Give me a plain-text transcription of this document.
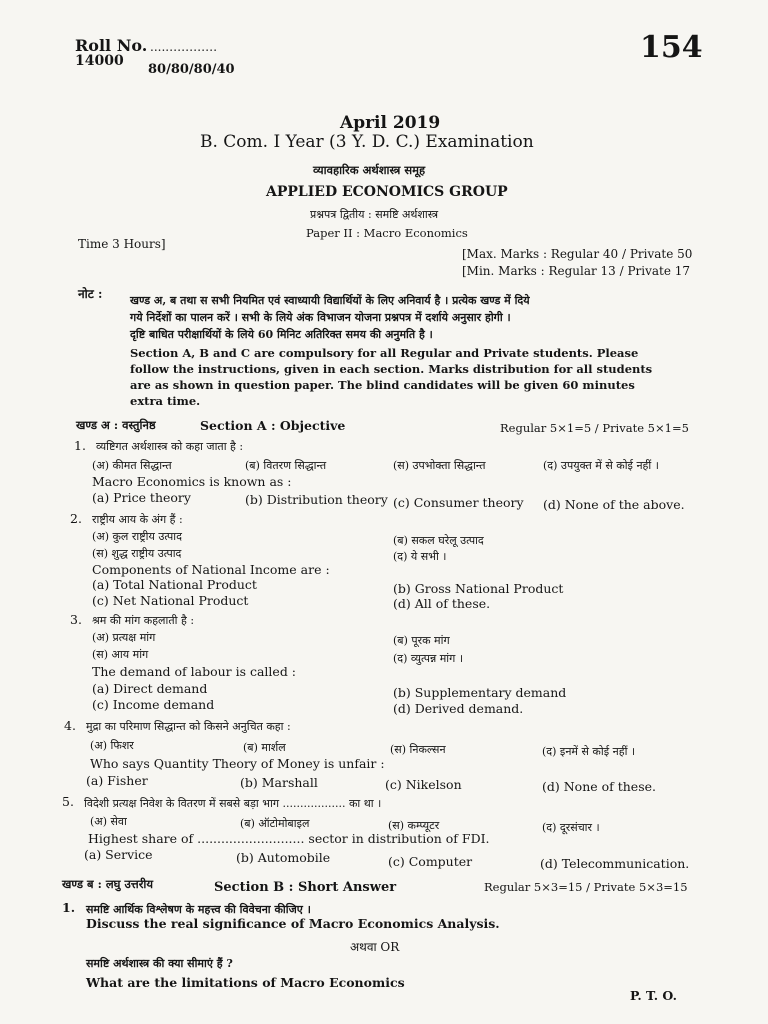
Roll No. .....…………
14000
80/80/80/40
154
April 2019
B. Com. I Year (3 Y. D. C.) Examination
व्यावहारिक अर्थशास्त्र समूह
APPLIED ECONOMICS GROUP
प्रश्नपत्र द्वितीय : समष्टि अर्थशास्त्र
Paper II : Macro Economics
Time 3 Hours]
[Max. Marks : Regular 40 / Private 50
[Min. Marks : Regular 13 / Private 17
नोट :	खण्ड अ, ब तथा स सभी नियमित एवं स्वाध्यायी विद्यार्थियों के लिए अनिवार्य है । प्रत्येक खण्ड में दिये
गये निर्देशों का पालन करें । सभी के लिये अंक विभाजन योजना प्रश्नपत्र में दर्शाये अनुसार होगी ।
दृष्टि बाधित परीक्षार्थियों के लिये 60 मिनिट अतिरिक्त समय की अनुमति है ।
Section A, B and C are compulsory for all Regular and Private students. Please
follow the instructions, given in each section. Marks distribution for all students
are as shown in question paper. The blind candidates will be given 60 minutes
extra time.
खण्ड अ : वस्तुनिष्ठ	Section A : Objective	Regular 5×1=5 / Private 5×1=5
1. व्यष्टिगत अर्थशास्त्र को कहा जाता है :
(अ) कीमत सिद्धान्त	(ब) वितरण सिद्धान्त	(स) उपभोक्ता सिद्धान्त	(द) उपयुक्त में से कोई नहीं ।
Macro Economics is known as :
(a) Price theory	(b) Distribution theory (c) Consumer theory (d) None of the above.
2. राष्ट्रीय आय के अंग हैं :
(अ) कुल राष्ट्रीय उत्पाद	(ब) सकल घरेलू उत्पाद
(स) शुद्ध राष्ट्रीय उत्पाद	(द) ये सभी ।
Components of National Income are :
(a) Total National Product	(b) Gross National Product
(c) Net National Product	(d) All of these.
3. श्रम की मांग कहलाती है :
(अ) प्रत्यक्ष मांग	(ब) पूरक मांग
(स) आय मांग	(द) व्युत्पन्न मांग ।
The demand of labour is called :
(a) Direct demand	(b) Supplementary demand
(c) Income demand	(d) Derived demand.
4. मुद्रा का परिमाण सिद्धान्त को किसने अनुचित कहा :
(अ) फिशर	(ब) मार्शल	(स) निकल्सन	(द) इनमें से कोई नहीं ।
Who says Quantity Theory of Money is unfair :
(a) Fisher	(b) Marshall	(c) Nikelson	(d) None of these.
5. विदेशी प्रत्यक्ष निवेश के वितरण में सबसे बड़ा भाग .................. का था ।
(अ) सेवा	(ब) ऑटोमोबाइल	(स) कम्प्यूटर	(द) दूरसंचार ।
Highest share of ........................... sector in distribution of FDI.
(a) Service	(b) Automobile	(c) Computer	(d) Telecommunication.
खण्ड ब : लघु उत्तरीय	Section B : Short Answer	Regular 5×3=15 / Private 5×3=15
1. समष्टि आर्थिक विश्लेषण के महत्त्व की विवेचना कीजिए ।
Discuss the real significance of Macro Economics Analysis.
अथवा OR
समष्टि अर्थशास्त्र की क्या सीमाएं हैं ?
What are the limitations of Macro Economics
P. T. O.
